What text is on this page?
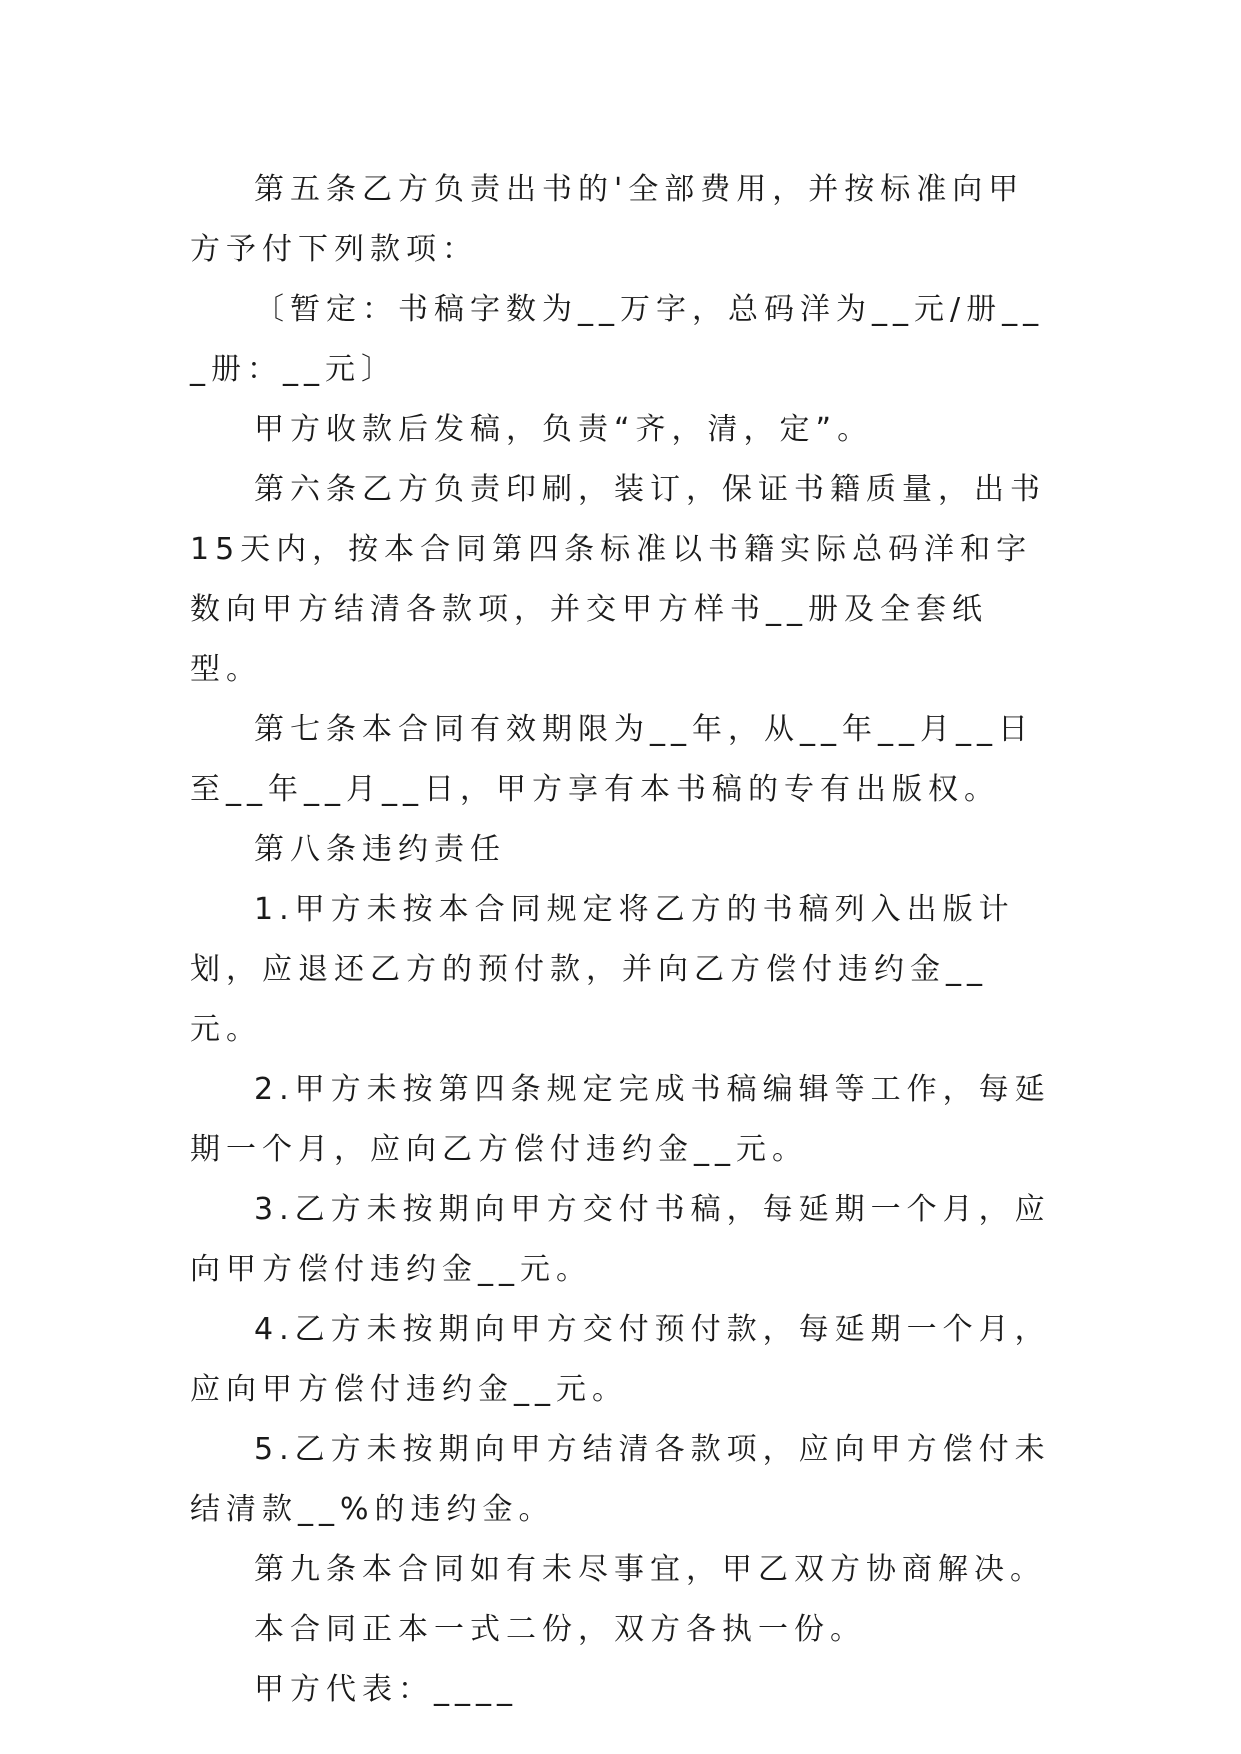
第五条乙方负责出书的'全部费用，并按标准向甲方予付下列款项：

〔暂定：书稿字数为__万字，总码洋为__元/册___册：__元〕

甲方收款后发稿，负责“齐，清，定”。

第六条乙方负责印刷，装订，保证书籍质量，出书15天内，按本合同第四条标准以书籍实际总码洋和字数向甲方结清各款项，并交甲方样书__册及全套纸型。

第七条本合同有效期限为__年，从__年__月__日至__年__月__日，甲方享有本书稿的专有出版权。

第八条违约责任

1.甲方未按本合同规定将乙方的书稿列入出版计划，应退还乙方的预付款，并向乙方偿付违约金__元。

2.甲方未按第四条规定完成书稿编辑等工作，每延期一个月，应向乙方偿付违约金__元。

3.乙方未按期向甲方交付书稿，每延期一个月，应向甲方偿付违约金__元。

4.乙方未按期向甲方交付预付款，每延期一个月，应向甲方偿付违约金__元。

5.乙方未按期向甲方结清各款项，应向甲方偿付未结清款__%的违约金。

第九条本合同如有未尽事宜，甲乙双方协商解决。

本合同正本一式二份，双方各执一份。

甲方代表：____
